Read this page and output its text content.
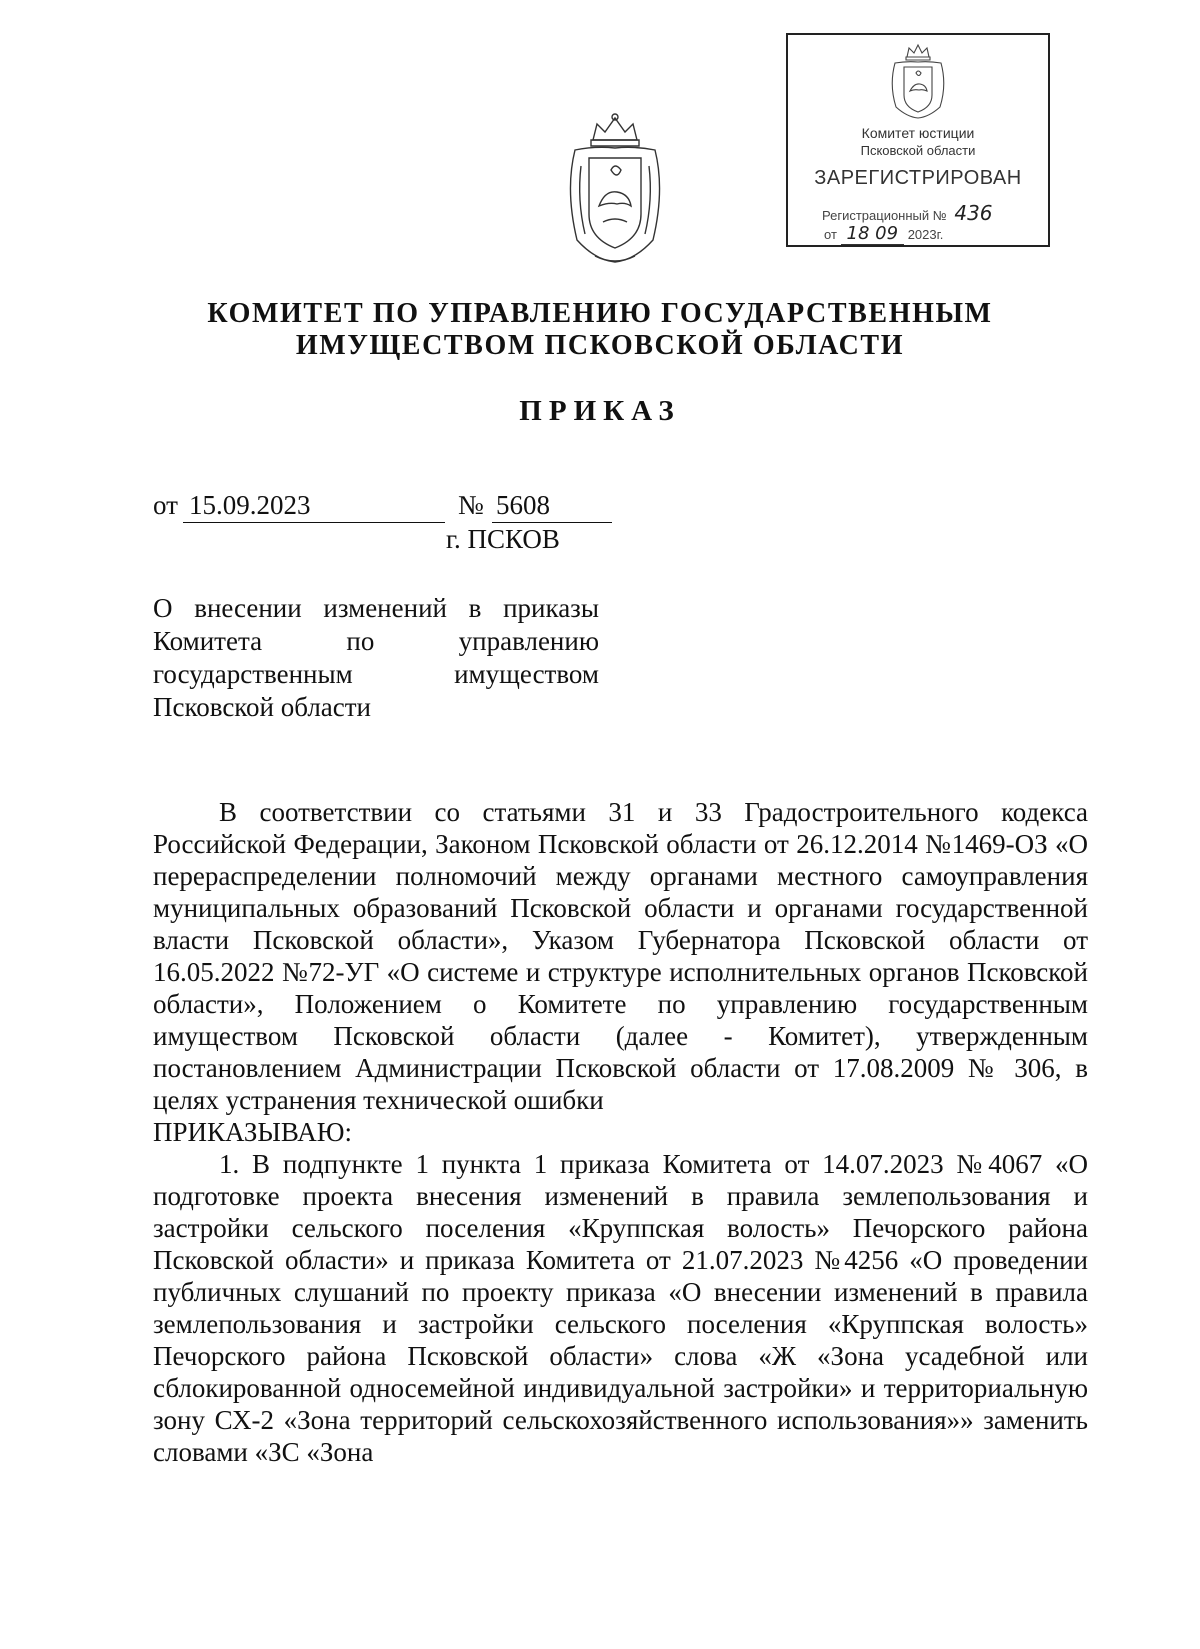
Комитет юстиции
Псковской области
ЗАРЕГИСТРИРОВАН
Регистрационный № 436
от 18 09 2023г.
КОМИТЕТ ПО УПРАВЛЕНИЮ ГОСУДАРСТВЕННЫМ
ИМУЩЕСТВОМ ПСКОВСКОЙ ОБЛАСТИ
ПРИКАЗ
от 15.09.2023	№ 5608
г. ПСКОВ
О внесении изменений в приказы Комитета по управлению государственным имуществом Псковской области

В соответствии со статьями 31 и 33 Градостроительного кодекса Российской Федерации, Законом Псковской области от 26.12.2014 №1469-ОЗ «О перераспределении полномочий между органами местного самоуправления муниципальных образований Псковской области и органами государственной власти Псковской области», Указом Губернатора Псковской области от 16.05.2022 №72-УГ «О системе и структуре исполнительных органов Псковской области», Положением о Комитете по управлению государственным имуществом Псковской области (далее - Комитет), утвержденным постановлением Администрации Псковской области от 17.08.2009 № 306, в целях устранения технической ошибки

ПРИКАЗЫВАЮ:

1. В подпункте 1 пункта 1 приказа Комитета от 14.07.2023 №4067 «О подготовке проекта внесения изменений в правила землепользования и застройки сельского поселения «Круппская волость» Печорского района Псковской области» и приказа Комитета от 21.07.2023 №4256 «О проведении публичных слушаний по проекту приказа «О внесении изменений в правила землепользования и застройки сельского поселения «Круппская волость» Печорского района Псковской области» слова «Ж «Зона усадебной или сблокированной односемейной индивидуальной застройки» и территориальную зону СХ-2 «Зона территорий сельскохозяйственного использования»» заменить словами «ЗС «Зона
